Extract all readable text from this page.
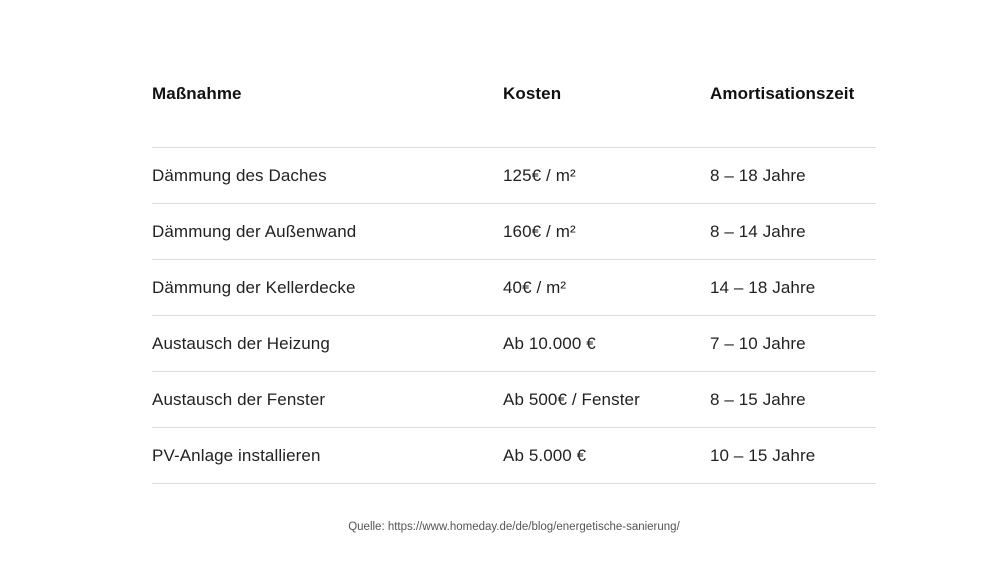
Maßnahme	Kosten	Amortisationszeit
Dämmung des Daches	125€ / m²	8 – 18 Jahre
Dämmung der Außenwand	160€ / m²	8 – 14 Jahre
Dämmung der Kellerdecke	40€ / m²	14 – 18 Jahre
Austausch der Heizung	Ab 10.000 €	7 – 10 Jahre
Austausch der Fenster	Ab 500€ / Fenster	8 – 15 Jahre
PV-Anlage installieren	Ab 5.000 €	10 – 15 Jahre
Quelle: https://www.homeday.de/de/blog/energetische-sanierung/
